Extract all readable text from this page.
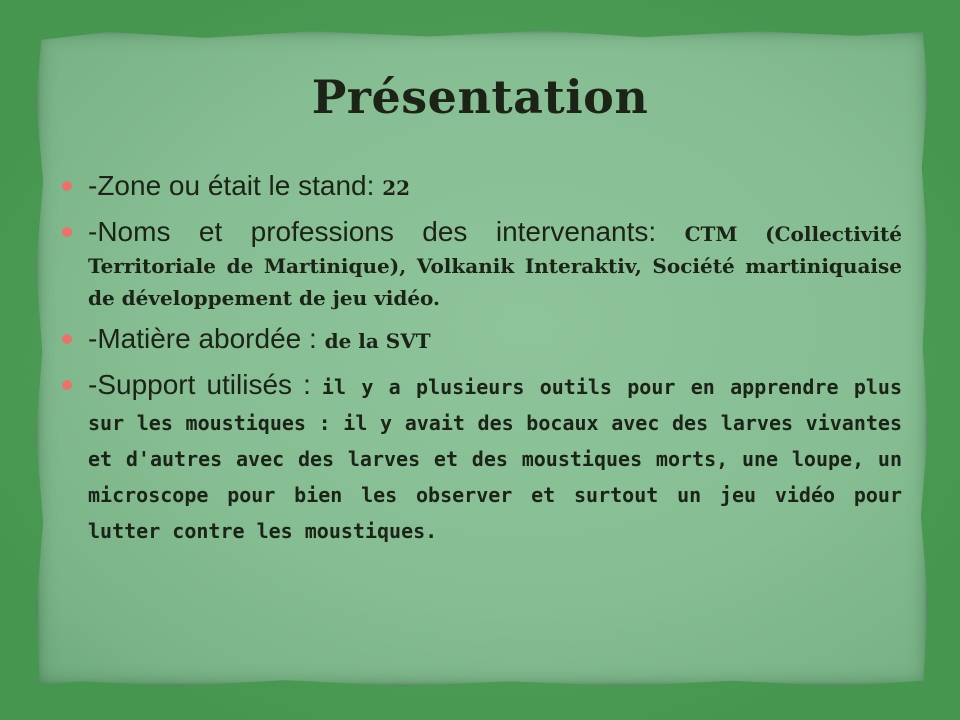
Présentation
-Zone ou était le stand: 22
-Noms et professions des intervenants: CTM (Collectivité Territoriale de Martinique), Volkanik Interaktiv, Société martiniquaise de développement de jeu vidéo.
-Matière abordée : de la SVT
-Support utilisés : il y a plusieurs outils pour en apprendre plus sur les moustiques : il y avait des bocaux avec des larves vivantes et d'autres avec des larves et des moustiques morts, une loupe, un microscope pour bien les observer et surtout un jeu vidéo pour lutter contre les moustiques.
